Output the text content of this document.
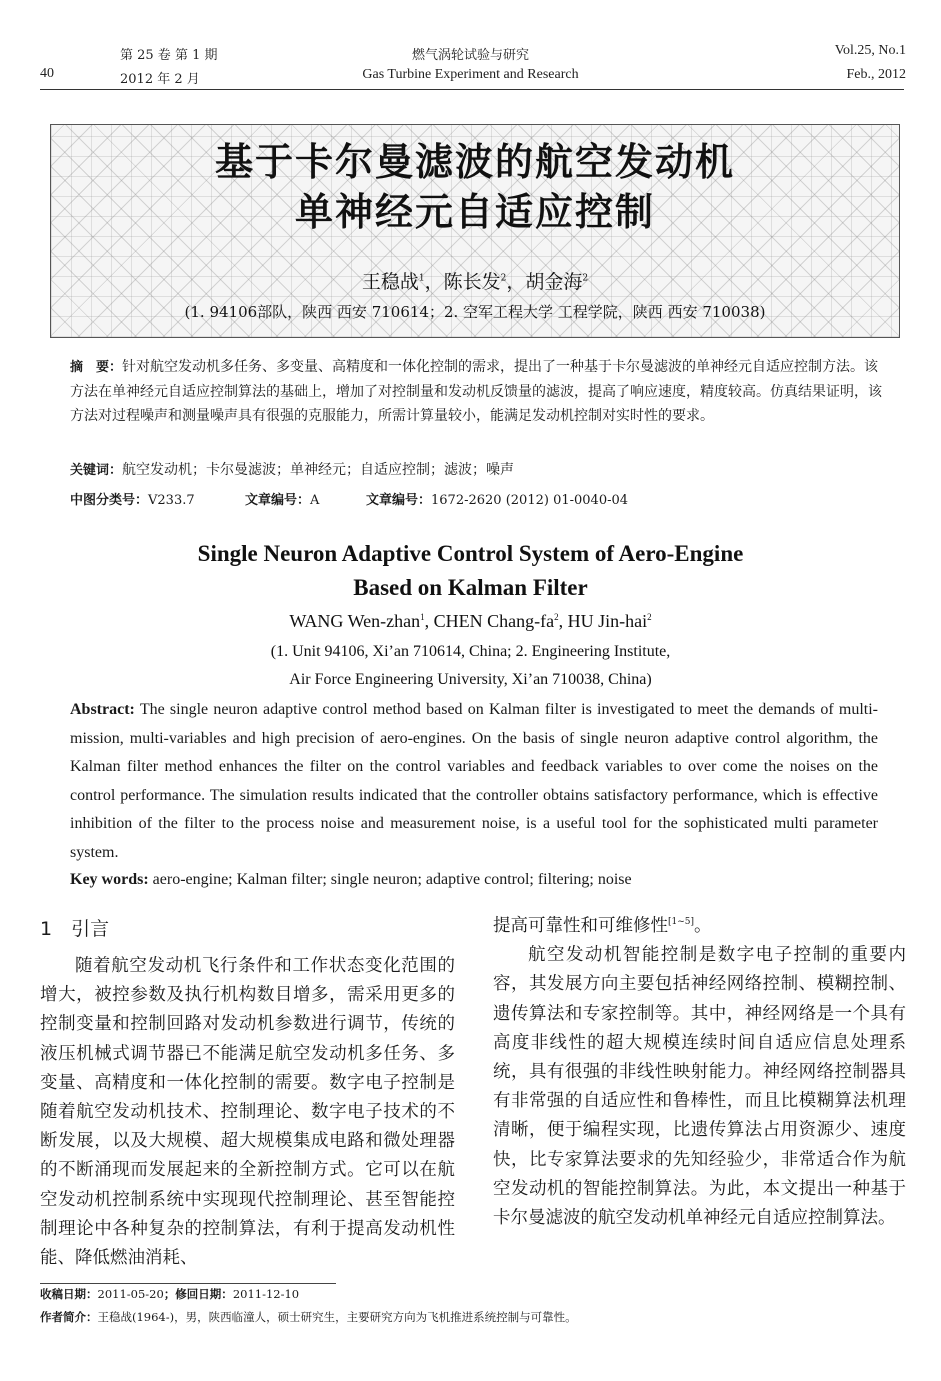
第 25 卷 第 1 期
2012 年 2 月
燃气涡轮试验与研究
Gas Turbine Experiment and Research
Vol.25, No.1
Feb., 2012
40
基于卡尔曼滤波的航空发动机
单神经元自适应控制
王稳战$^1$，陈长发$^2$，胡金海$^2$
(1. 94106部队，陕西 西安 710614；2. 空军工程大学 工程学院，陕西 西安 710038)
摘　要：针对航空发动机多任务、多变量、高精度和一体化控制的需求，提出了一种基于卡尔曼滤波的单神经元自适应控制方法。该方法在单神经元自适应控制算法的基础上，增加了对控制量和发动机反馈量的滤波，提高了响应速度，精度较高。仿真结果证明，该方法对过程噪声和测量噪声具有很强的克服能力，所需计算量较小，能满足发动机控制对实时性的要求。
关键词：航空发动机；卡尔曼滤波；单神经元；自适应控制；滤波；噪声
中图分类号：V233.7	文章编号：A	文章编号：1672-2620 (2012) 01-0040-04
Single Neuron Adaptive Control System of Aero-Engine
Based on Kalman Filter
WANG Wen-zhan$^1$, CHEN Chang-$fa^2$, HU Jin-hai$^2$
(1. Unit 94106, Xi’an 710614, China; 2. Engineering Institute,
Air Force Engineering University, Xi’an 710038, China)
Abstract: The single neuron adaptive control method based on Kalman filter is investigated to meet the demands of multi-mission, multi-variables and high precision of aero-engines. On the basis of single neuron adaptive control algorithm, the Kalman filter method enhances the filter on the control variables and feedback variables to over come the noises on the control performance. The simulation results indicated that the controller obtains satisfactory performance, which is effective inhibition of the filter to the process noise and measurement noise, is a useful tool for the sophisticated multi parameter system.
Key words: aero-engine; Kalman filter; single neuron; adaptive control; filtering; noise
1　引言

随着航空发动机飞行条件和工作状态变化范围的增大，被控参数及执行机构数目增多，需采用更多的控制变量和控制回路对发动机参数进行调节，传统的液压机械式调节器已不能满足航空发动机多任务、多变量、高精度和一体化控制的需要。数字电子控制是随着航空发动机技术、控制理论、数字电子技术的不断发展，以及大规模、超大规模集成电路和微处理器的不断涌现而发展起来的全新控制方式。它可以在航空发动机控制系统中实现现代控制理论、甚至智能控制理论中各种复杂的控制算法，有利于提高发动机性能、降低燃油消耗、

提高可靠性和可维修性[1~5]。

航空发动机智能控制是数字电子控制的重要内容，其发展方向主要包括神经网络控制、模糊控制、遗传算法和专家控制等。其中，神经网络是一个具有高度非线性的超大规模连续时间自适应信息处理系统，具有很强的非线性映射能力。神经网络控制器具有非常强的自适应性和鲁棒性，而且比模糊算法机理清晰，便于编程实现，比遗传算法占用资源少、速度快，比专家算法要求的先知经验少，非常适合作为航空发动机的智能控制算法。为此，本文提出一种基于卡尔曼滤波的航空发动机单神经元自适应控制算法。

收稿日期：2011-05-20；修回日期：2011-12-10
作者简介：王稳战(1964-)，男，陕西临潼人，硕士研究生，主要研究方向为飞机推进系统控制与可靠性。
